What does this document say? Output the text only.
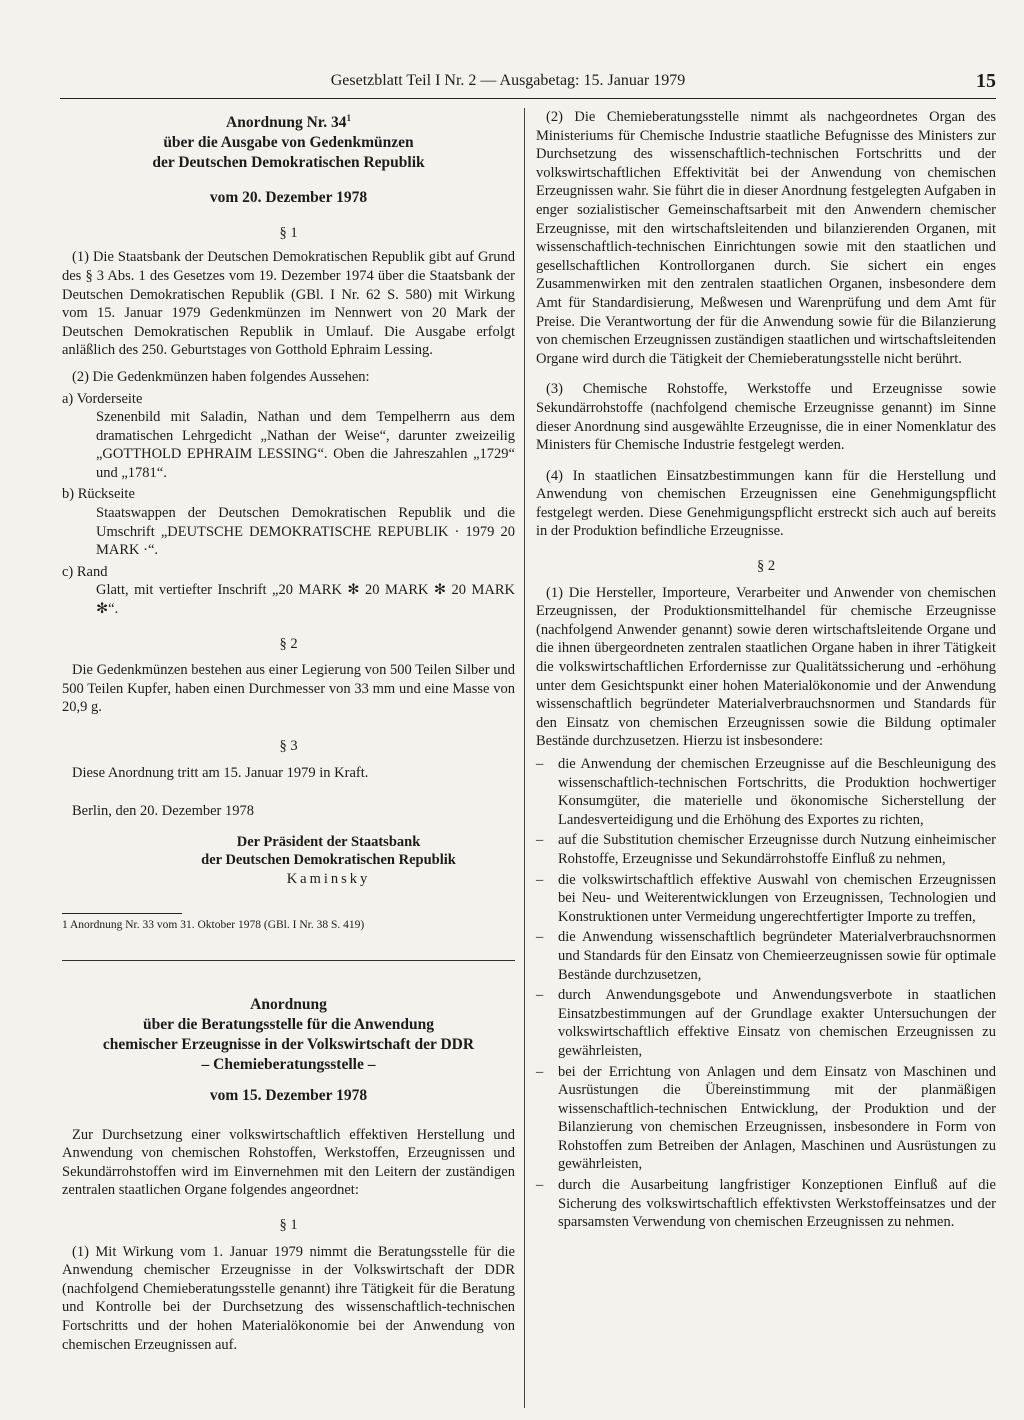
Gesetzblatt Teil I Nr. 2 — Ausgabetag: 15. Januar 1979	15
Anordnung Nr. $34^1$
über die Ausgabe von Gedenkmünzen
der Deutschen Demokratischen Republik
vom 20. Dezember 1978

§ 1

(1) Die Staatsbank der Deutschen Demokratischen Republik gibt auf Grund des § 3 Abs. 1 des Gesetzes vom 19. Dezember 1974 über die Staatsbank der Deutschen Demokratischen Republik (GBl. I Nr. 62 S. 580) mit Wirkung vom 15. Januar 1979 Gedenkmünzen im Nennwert von 20 Mark der Deutschen Demokratischen Republik in Umlauf. Die Ausgabe erfolgt anläßlich des 250. Geburtstages von Gotthold Ephraim Lessing.

(2) Die Gedenkmünzen haben folgendes Aussehen:

a) Vorderseite

Szenenbild mit Saladin, Nathan und dem Tempelherrn aus dem dramatischen Lehrgedicht „Nathan der Weise“, darunter zweizeilig „GOTTHOLD EPHRAIM LESSING“. Oben die Jahreszahlen „1729“ und „1781“.

b) Rückseite

Staatswappen der Deutschen Demokratischen Republik und die Umschrift „DEUTSCHE DEMOKRATISCHE REPUBLIK · 1979 20 MARK ·“.

c) Rand

Glatt, mit vertiefter Inschrift „20 MARK ✻ 20 MARK ✻ 20 MARK ✻“.

§ 2

Die Gedenkmünzen bestehen aus einer Legierung von 500 Teilen Silber und 500 Teilen Kupfer, haben einen Durchmesser von 33 mm und eine Masse von 20,9 g.

§ 3

Diese Anordnung tritt am 15. Januar 1979 in Kraft.

Berlin, den 20. Dezember 1978

Der Präsident der Staatsbank
der Deutschen Demokratischen Republik
Kaminsky

1 Anordnung Nr. 33 vom 31. Oktober 1978 (GBl. I Nr. 38 S. 419)

Anordnung
über die Beratungsstelle für die Anwendung
chemischer Erzeugnisse in der Volkswirtschaft der DDR
– Chemieberatungsstelle –
vom 15. Dezember 1978

Zur Durchsetzung einer volkswirtschaftlich effektiven Herstellung und Anwendung von chemischen Rohstoffen, Werkstoffen, Erzeugnissen und Sekundärrohstoffen wird im Einvernehmen mit den Leitern der zuständigen zentralen staatlichen Organe folgendes angeordnet:

§ 1

(1) Mit Wirkung vom 1. Januar 1979 nimmt die Beratungsstelle für die Anwendung chemischer Erzeugnisse in der Volkswirtschaft der DDR (nachfolgend Chemieberatungsstelle genannt) ihre Tätigkeit für die Beratung und Kontrolle bei der Durchsetzung des wissenschaftlich-technischen Fortschritts und der hohen Materialökonomie bei der Anwendung von chemischen Erzeugnissen auf.

(2) Die Chemieberatungsstelle nimmt als nachgeordnetes Organ des Ministeriums für Chemische Industrie staatliche Befugnisse des Ministers zur Durchsetzung des wissenschaftlich-technischen Fortschritts und der volkswirtschaftlichen Effektivität bei der Anwendung von chemischen Erzeugnissen wahr. Sie führt die in dieser Anordnung festgelegten Aufgaben in enger sozialistischer Gemeinschaftsarbeit mit den Anwendern chemischer Erzeugnisse, mit den wirtschaftsleitenden und bilanzierenden Organen, mit wissenschaftlich-technischen Einrichtungen sowie mit den staatlichen und gesellschaftlichen Kontrollorganen durch. Sie sichert ein enges Zusammenwirken mit den zentralen staatlichen Organen, insbesondere dem Amt für Standardisierung, Meßwesen und Warenprüfung und dem Amt für Preise. Die Verantwortung der für die Anwendung sowie für die Bilanzierung von chemischen Erzeugnissen zuständigen staatlichen und wirtschaftsleitenden Organe wird durch die Tätigkeit der Chemieberatungsstelle nicht berührt.

(3) Chemische Rohstoffe, Werkstoffe und Erzeugnisse sowie Sekundärrohstoffe (nachfolgend chemische Erzeugnisse genannt) im Sinne dieser Anordnung sind ausgewählte Erzeugnisse, die in einer Nomenklatur des Ministers für Chemische Industrie festgelegt werden.

(4) In staatlichen Einsatzbestimmungen kann für die Herstellung und Anwendung von chemischen Erzeugnissen eine Genehmigungspflicht festgelegt werden. Diese Genehmigungspflicht erstreckt sich auch auf bereits in der Produktion befindliche Erzeugnisse.

§ 2

(1) Die Hersteller, Importeure, Verarbeiter und Anwender von chemischen Erzeugnissen, der Produktionsmittelhandel für chemische Erzeugnisse (nachfolgend Anwender genannt) sowie deren wirtschaftsleitende Organe und die ihnen übergeordneten zentralen staatlichen Organe haben in ihrer Tätigkeit die volkswirtschaftlichen Erfordernisse zur Qualitätssicherung und -erhöhung unter dem Gesichtspunkt einer hohen Materialökonomie und der Anwendung wissenschaftlich begründeter Materialverbrauchsnormen und Standards für den Einsatz von chemischen Erzeugnissen sowie die Bildung optimaler Bestände durchzusetzen. Hierzu ist insbesondere:

– die Anwendung der chemischen Erzeugnisse auf die Beschleunigung des wissenschaftlich-technischen Fortschritts, die Produktion hochwertiger Konsumgüter, die materielle und ökonomische Sicherstellung der Landesverteidigung und die Erhöhung des Exportes zu richten,
– auf die Substitution chemischer Erzeugnisse durch Nutzung einheimischer Rohstoffe, Erzeugnisse und Sekundärrohstoffe Einfluß zu nehmen,
– die volkswirtschaftlich effektive Auswahl von chemischen Erzeugnissen bei Neu- und Weiterentwicklungen von Erzeugnissen, Technologien und Konstruktionen unter Vermeidung ungerechtfertigter Importe zu treffen,
– die Anwendung wissenschaftlich begründeter Materialverbrauchsnormen und Standards für den Einsatz von Chemieerzeugnissen sowie für optimale Bestände durchzusetzen,
– durch Anwendungsgebote und Anwendungsverbote in staatlichen Einsatzbestimmungen auf der Grundlage exakter Untersuchungen der volkswirtschaftlich effektive Einsatz von chemischen Erzeugnissen zu gewährleisten,
– bei der Errichtung von Anlagen und dem Einsatz von Maschinen und Ausrüstungen die Übereinstimmung mit der planmäßigen wissenschaftlich-technischen Entwicklung, der Produktion und der Bilanzierung von chemischen Erzeugnissen, insbesondere in Form von Rohstoffen zum Betreiben der Anlagen, Maschinen und Ausrüstungen zu gewährleisten,
– durch die Ausarbeitung langfristiger Konzeptionen Einfluß auf die Sicherung des volkswirtschaftlich effektivsten Werkstoffeinsatzes und der sparsamsten Verwendung von chemischen Erzeugnissen zu nehmen.
